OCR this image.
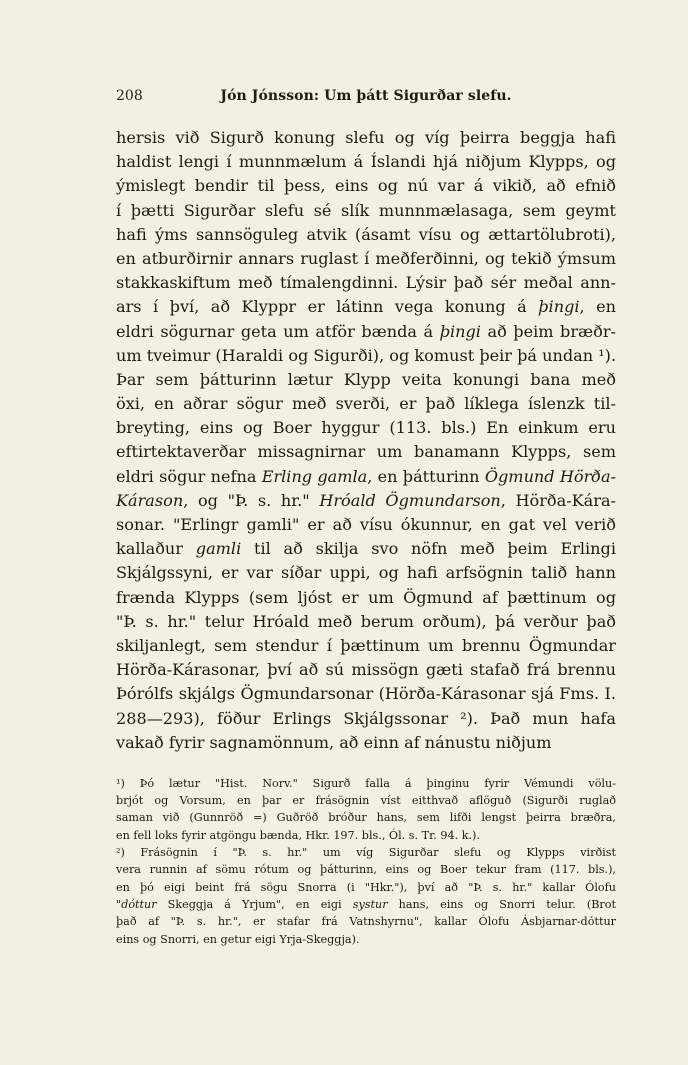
208	Jón Jónsson: Um þátt Sigurðar slefu.
hersis við Sigurð konung slefu og víg þeirra beggja hafi
haldist lengi í munnmælum á Íslandi hjá niðjum Klypps, og
ýmislegt bendir til þess, eins og nú var á vikið, að efnið
í þætti Sigurðar slefu sé slík munnmælasaga, sem geymt
hafi ýms sannsöguleg atvik (ásamt vísu og ættartölubroti),
en atburðirnir annars ruglast í meðferðinni, og tekið ýmsum
stakkaskiftum með tímalengdinni. Lýsir það sér meðal ann-
ars í því, að Klyppr er látinn vega konung á þingi, en
eldri sögurnar geta um atför bænda á þingi að þeim bræðr-
um tveimur (Haraldi og Sigurði), og komust þeir þá undan ¹).
Þar sem þátturinn lætur Klypp veita konungi bana með
öxi, en aðrar sögur með sverði, er það líklega íslenzk til-
breyting, eins og Boer hyggur (113. bls.) En einkum eru
eftirtektaverðar missagnirnar um banamann Klypps, sem
eldri sögur nefna Erling gamla, en þátturinn Ögmund Hörða-
Kárason, og "Þ. s. hr." Hróald Ögmundarson, Hörða-Kára-
sonar. "Erlingr gamli" er að vísu ókunnur, en gat vel verið
kallaður gamli til að skilja svo nöfn með þeim Erlingi
Skjálgssyni, er var síðar uppi, og hafi arfsögnin talið hann
frænda Klypps (sem ljóst er um Ögmund af þættinum og
"Þ. s. hr." telur Hróald með berum orðum), þá verður það
skiljanlegt, sem stendur í þættinum um brennu Ögmundar
Hörða-Kárasonar, því að sú missögn gæti stafað frá brennu
Þórólfs skjálgs Ögmundarsonar (Hörða-Kárasonar sjá Fms. I.
288—293), föður Erlings Skjálgssonar ²). Það mun hafa
vakað fyrir sagnamönnum, að einn af nánustu niðjum
¹) Þó lætur "Hist. Norv." Sigurð falla á þinginu fyrir Vémundi völu-
brjót og Vorsum, en þar er frásögnin víst eitthvað aflöguð (Sigurði ruglað
saman við (Gunnröð =) Guðröð bróður hans, sem lifði lengst þeirra bræðra,
en fell loks fyrir atgöngu bænda, Hkr. 197. bls., Ól. s. Tr. 94. k.).
²) Frásögnin í "Þ. s. hr." um víg Sigurðar slefu og Klypps virðist
vera runnin af sömu rótum og þátturinn, eins og Boer tekur fram (117. bls.),
en þó eigi beint frá sögu Snorra (i "Hkr."), því að "Þ. s. hr." kallar Ólofu
"dóttur Skeggja á Yrjum", en eigi systur hans, eins og Snorri telur. (Brot
það af "Þ. s. hr.", er stafar frá Vatnshyrnu", kallar Ólofu Ásbjarnar-dóttur
eins og Snorri, en getur eigi Yrja-Skeggja).
